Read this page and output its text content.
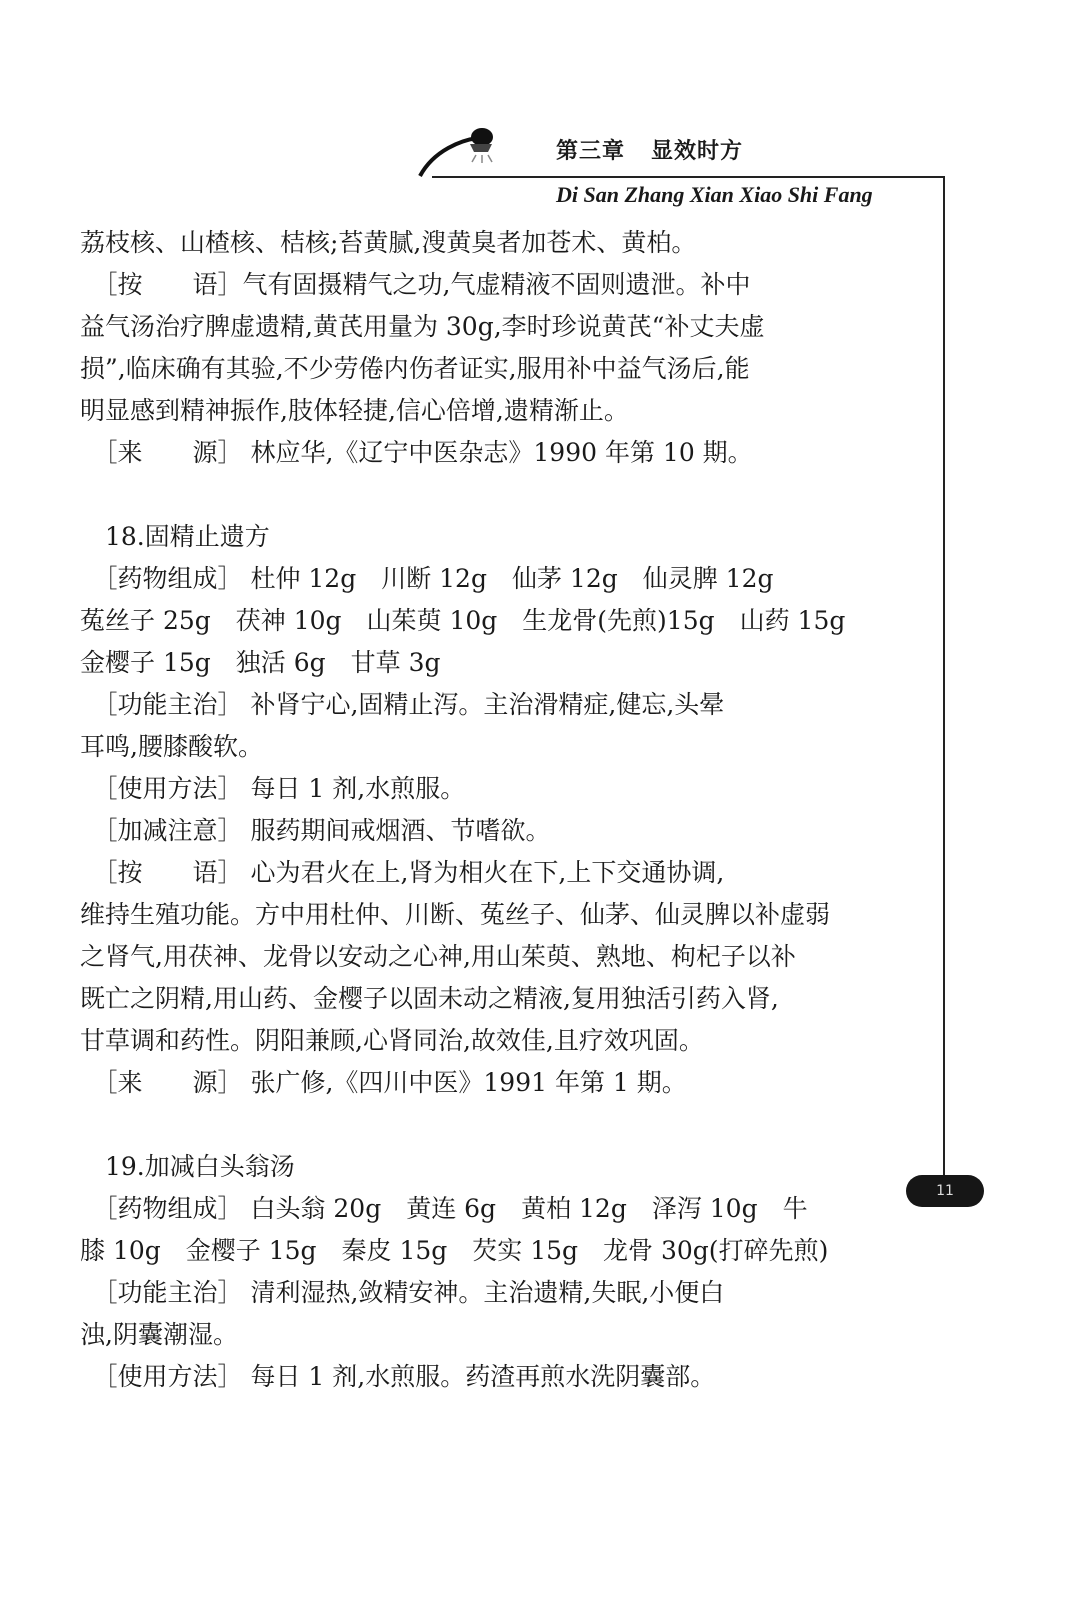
第三章   显效时方
Di San Zhang Xian Xiao Shi Fang
11
荔枝核、山楂核、桔核;苔黄腻,溲黄臭者加苍术、黄柏。
　［按　　语］气有固摄精气之功,气虚精液不固则遗泄。补中
益气汤治疗脾虚遗精,黄芪用量为 30g,李时珍说黄芪“补丈夫虚
损”,临床确有其验,不少劳倦内伤者证实,服用补中益气汤后,能
明显感到精神振作,肢体轻捷,信心倍增,遗精渐止。
　［来　　源］ 林应华,《辽宁中医杂志》1990 年第 10 期。
　18.固精止遗方
　［药物组成］ 杜仲 12g　川断 12g　仙茅 12g　仙灵脾 12g
菟丝子 25g　茯神 10g　山茱萸 10g　生龙骨(先煎)15g　山药 15g
金樱子 15g　独活 6g　甘草 3g
　［功能主治］ 补肾宁心,固精止泻。主治滑精症,健忘,头晕
耳鸣,腰膝酸软。
　［使用方法］ 每日 1 剂,水煎服。
　［加减注意］ 服药期间戒烟酒、节嗜欲。
　［按　　语］ 心为君火在上,肾为相火在下,上下交通协调,
维持生殖功能。方中用杜仲、川断、菟丝子、仙茅、仙灵脾以补虚弱
之肾气,用茯神、龙骨以安动之心神,用山茱萸、熟地、枸杞子以补
既亡之阴精,用山药、金樱子以固未动之精液,复用独活引药入肾,
甘草调和药性。阴阳兼顾,心肾同治,故效佳,且疗效巩固。
　［来　　源］ 张广修,《四川中医》1991 年第 1 期。
　19.加减白头翁汤
　［药物组成］ 白头翁 20g　黄连 6g　黄柏 12g　泽泻 10g　牛
膝 10g　金樱子 15g　秦皮 15g　芡实 15g　龙骨 30g(打碎先煎)
　［功能主治］ 清利湿热,敛精安神。主治遗精,失眠,小便白
浊,阴囊潮湿。
　［使用方法］ 每日 1 剂,水煎服。药渣再煎水洗阴囊部。
